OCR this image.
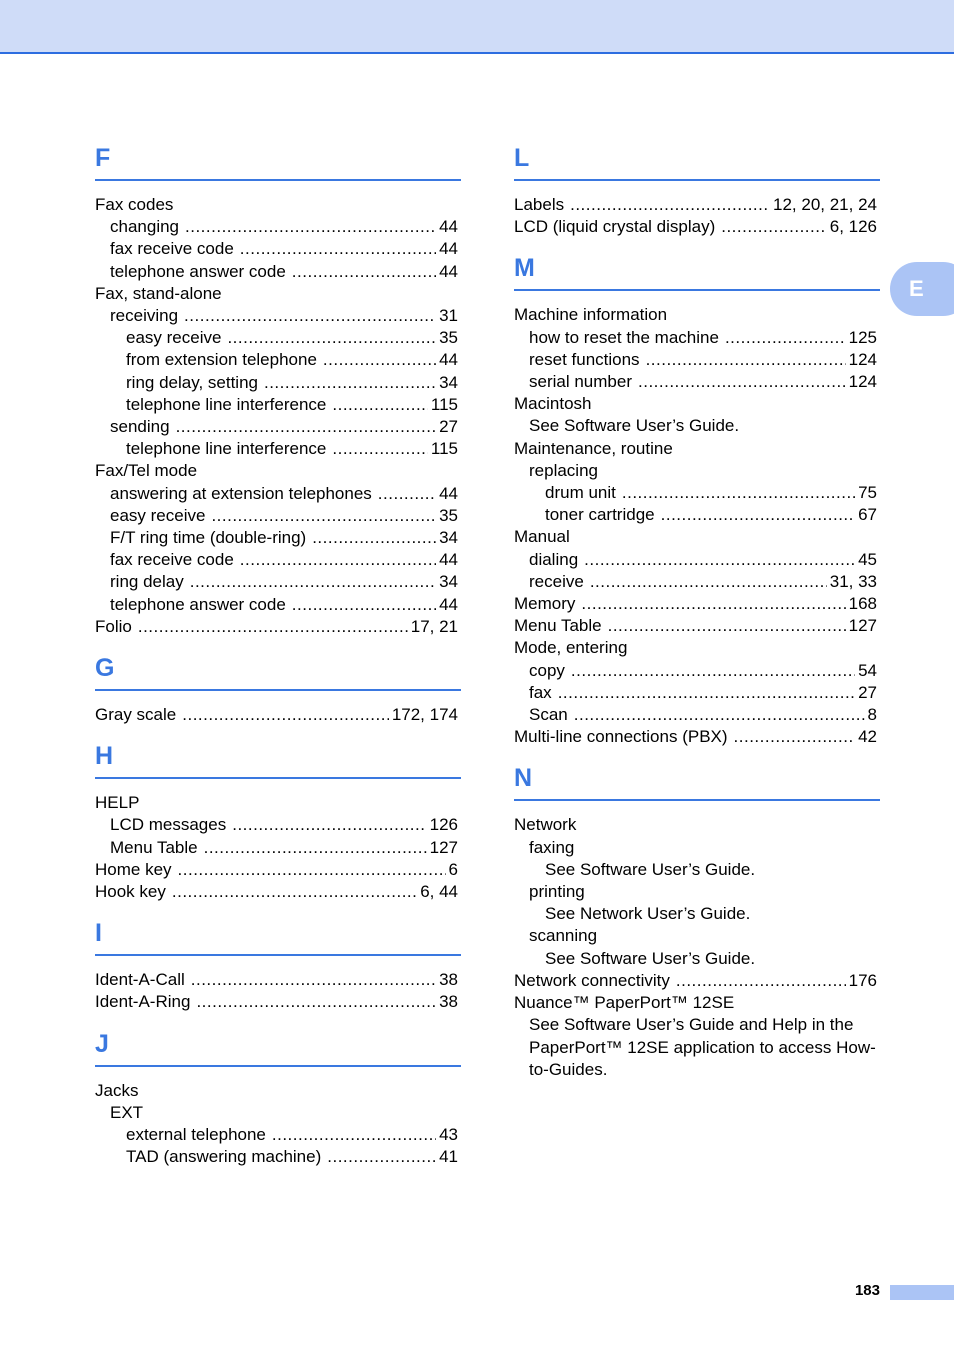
F
Fax codes
changing .....	44
fax receive code .....	44
telephone answer code .....	44
Fax, stand-alone
receiving .....	31
easy receive .....	35
from extension telephone .....	44
ring delay, setting .....	34
telephone line interference .....	115
sending .....	27
telephone line interference .....	115
Fax/Tel mode
answering at extension telephones .....	44
easy receive .....	35
F/T ring time (double-ring) .....	34
fax receive code .....	44
ring delay .....	34
telephone answer code .....	44
Folio .....	17, 21
G
Gray scale .....	172, 174
H
HELP
LCD messages .....	126
Menu Table .....	127
Home key .....	6
Hook key .....	6, 44
I
Ident-A-Call .....	38
Ident-A-Ring .....	38
J
Jacks
EXT
external telephone .....	43
TAD (answering machine) .....	41
L
Labels .....	12, 20, 21, 24
LCD (liquid crystal display) .....	6, 126
M
Machine information
how to reset the machine .....	125
reset functions .....	124
serial number .....	124
Macintosh
See Software User’s Guide.
Maintenance, routine
replacing
drum unit .....	75
toner cartridge .....	67
Manual
dialing .....	45
receive .....	31, 33
Memory .....	168
Menu Table .....	127
Mode, entering
copy .....	54
fax .....	27
Scan .....	8
Multi-line connections (PBX) .....	42
N
Network
faxing
See Software User’s Guide.
printing
See Network User’s Guide.
scanning
See Software User’s Guide.
Network connectivity .....	176
Nuance™ PaperPort™ 12SE
See Software User’s Guide and Help in the PaperPort™ 12SE application to access How-to-Guides.
E
183
